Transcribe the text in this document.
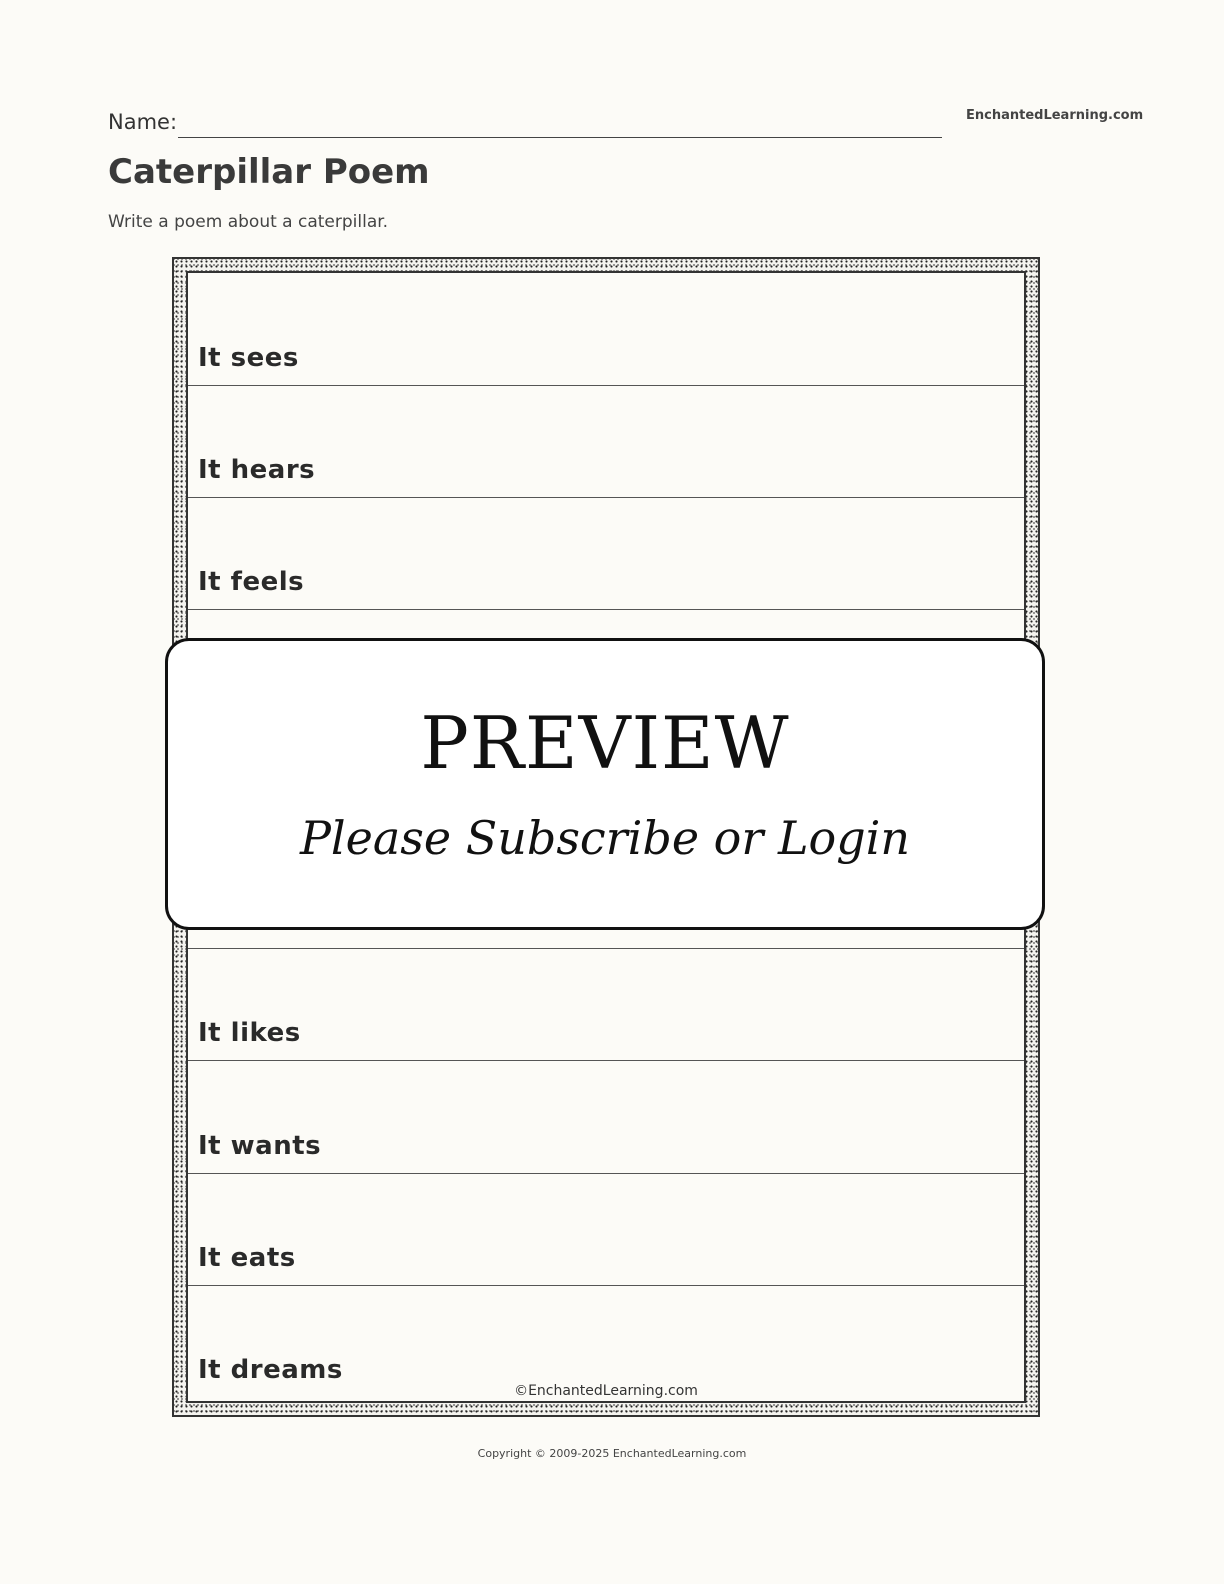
Name:	EnchantedLearning.com
Caterpillar Poem
Write a poem about a caterpillar.
It sees
It hears
It feels
It likes
It wants
It eats
It dreams
©EnchantedLearning.com
PREVIEW
Please Subscribe or Login
Copyright © 2009-2025 EnchantedLearning.com
